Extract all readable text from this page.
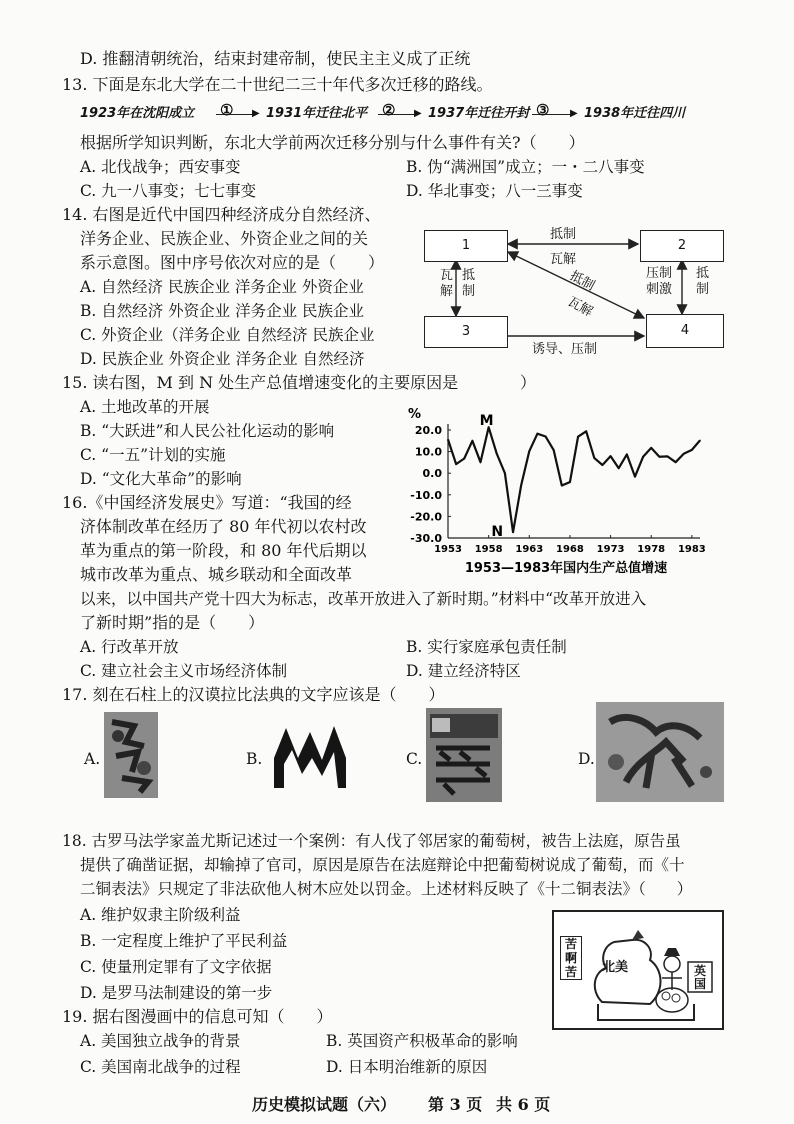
D. 推翻清朝统治，结束封建帝制，使民主主义成了正统
13. 下面是东北大学在二十世纪二三十年代多次迁移的路线。
1923年在沈阳成立 ① ▶ 1931年迁往北平 ② ▶ 1937年迁往开封 ③ ▶ 1938年迁往四川
根据所学知识判断，东北大学前两次迁移分别与什么事件有关?（　　）
A. 北伐战争；西安事变	B. 伪“满洲国”成立；一・二八事变
C. 九一八事变；七七事变	D. 华北事变；八一三事变
14. 右图是近代中国四种经济成分自然经济、
洋务企业、民族企业、外资企业之间的关
系示意图。图中序号依次对应的是（　　）
A. 自然经济 民族企业 洋务企业 外资企业
B. 自然经济 外资企业 洋务企业 民族企业
C. 外资企业（洋务企业 自然经济 民族企业
D. 民族企业 外资企业 洋务企业 自然经济
1	2
3	4
抵制
瓦解
瓦解
抵制
压制刺激
抵制
抵制
瓦解
诱导、压制
15. 读右图，M 到 N 处生产总值增速变化的主要原因是	）
A. 土地改革的开展
B. “大跃进”和人民公社化运动的影响
C. “一五”计划的实施
D. “文化大革命”的影响
%
20.0
10.0
0.0
-10.0
-20.0
-30.0
1953 1958 1963 1968 1973 1978 1983
M
N
1953—1983年国内生产总值增速
16.《中国经济发展史》写道：“我国的经
济体制改革在经历了 80 年代初以农村改
革为重点的第一阶段，和 80 年代后期以
城市改革为重点、城乡联动和全面改革
以来，以中国共产党十四大为标志，改革开放进入了新时期。”材料中“改革开放进入
了新时期”指的是（　　）
A. 行改革开放	B. 实行家庭承包责任制
C. 建立社会主义市场经济体制	D. 建立经济特区
17. 刻在石柱上的汉谟拉比法典的文字应该是（　　）
A.	B.	C.	D.
18. 古罗马法学家盖尤斯记述过一个案例：有人伐了邻居家的葡萄树，被告上法庭，原告虽
提供了确凿证据，却输掉了官司，原因是原告在法庭辩论中把葡萄树说成了葡萄，而《十
二铜表法》只规定了非法砍他人树木应处以罚金。上述材料反映了《十二铜表法》（　　）
A. 维护奴隶主阶级利益
B. 一定程度上维护了平民利益
C. 使量刑定罪有了文字依据
D. 是罗马法制建设的第一步
19. 据右图漫画中的信息可知（　　）
A. 美国独立战争的背景	B. 英国资产积极革命的影响
C. 美国南北战争的过程	D. 日本明治维新的原因
苦啊苦	北美	英国
历史模拟试题（六） 第 3 页 共 6 页
